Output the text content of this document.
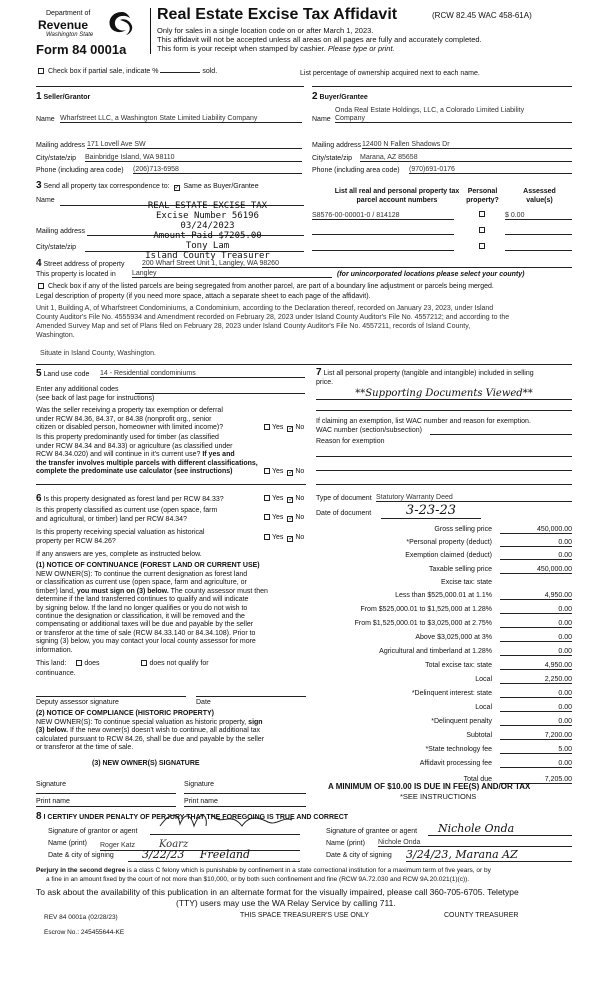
Department of
Revenue
Washington State
Form 84 0001a
Real Estate Excise Tax Affidavit	(RCW 82.45 WAC 458-61A)
Only for sales in a single location code on or after March 1, 2023.
This affidavit will not be accepted unless all areas on all pages are fully and accurately completed.
This form is your receipt when stamped by cashier. Please type or print.
Check box if partial sale, indicate %	sold.	List percentage of ownership acquired next to each name.
1 Seller/Grantor
Name Wharfstreet LLC, a Washington State Limited Liability Company
Mailing address 171 Lovell Ave SW
City/state/zip Bainbridge Island, WA 98110
Phone (including area code) (206)713-6958
2 Buyer/Grantee
Onda Real Estate Holdings, LLC, a Colorado Limited Liability
Name Company
Mailing address 12400 N Fallen Shadows Dr
City/state/zip Marana, AZ 85658
Phone (including area code) (970)691-0176
3 Send all property tax correspondence to: ✓ Same as Buyer/Grantee
Name
Mailing address
City/state/zip
REAL ESTATE EXCISE TAX
Excise Number 56196
03/24/2023
Amount Paid $7205.00
Tony Lam
Island County Treasurer
List all real and personal property tax
parcel account numbers
Personal
property?
Assessed
value(s)
S8576-00-00001-0 / 814128	$ 0.00
4 Street address of property	200 Wharf Street Unit 1, Langley, WA 98260
This property is located in Langley	(for unincorporated locations please select your county)
Check box if any of the listed parcels are being segregated from another parcel, are part of a boundary line adjustment or parcels being merged.
Legal description of property (if you need more space, attach a separate sheet to each page of the affidavit).
Unit 1, Building A, of Wharfstreet Condominiums, a Condominium, according to the Declaration thereof, recorded on January 23, 2023, under Island
County Auditor's File No. 4555934 and Amendment recorded on February 28, 2023 under Island County Auditor's File No. 4557212; and according to the
Amended Survey Map and set of Plans filed on February 28, 2023 under Island County Auditor's File No. 4557211, records of Island County,
Washington.
Situate in Island County, Washington.
5 Land use code 14 - Residential condominiums
Enter any additional codes
(see back of last page for instructions)
Was the seller receiving a property tax exemption or deferral
under RCW 84.36, 84.37, or 84.38 (nonprofit org., senior
citizen or disabled person, homeowner with limited income)?	Yes ✓ No
Is this property predominantly used for timber (as classified
under RCW 84.34 and 84.33) or agriculture (as classified under
RCW 84.34.020) and will continue in it's current use? If yes and
the transfer involves multiple parcels with different classifications,
complete the predominate use calculator (see instructions)	Yes ✓ No
7 List all personal property (tangible and intangible) included in selling
price.
**Supporting Documents Viewed**
If claiming an exemption, list WAC number and reason for exemption.
WAC number (section/subsection)
Reason for exemption
6 Is this property designated as forest land per RCW 84.33?	Yes ✓ No
Is this property classified as current use (open space, farm
and agricultural, or timber) land per RCW 84.34?	Yes ✓ No
Is this property receiving special valuation as historical
property per RCW 84.26?
Yes ✓ No
If any answers are yes, complete as instructed below.
(1) NOTICE OF CONTINUANCE (FOREST LAND OR CURRENT USE)
NEW OWNER(S): To continue the current designation as forest land
or classification as current use (open space, farm and agriculture, or
timber) land, you must sign on (3) below. The county assessor must then
determine if the land transferred continues to qualify and will indicate
by signing below. If the land no longer qualifies or you do not wish to
continue the designation or classification, it will be removed and the
compensating or additional taxes will be due and payable by the seller
or transferor at the time of sale (RCW 84.33.140 or 84.34.108). Prior to
signing (3) below, you may contact your local county assessor for more
information.
This land:	does	does not qualify for
continuance.
Deputy assessor signature	Date
(2) NOTICE OF COMPLIANCE (HISTORIC PROPERTY)
NEW OWNER(S): To continue special valuation as historic property, sign
(3) below. If the new owner(s) doesn't wish to continue, all additional tax
calculated pursuant to RCW 84.26, shall be due and payable by the seller
or transferor at the time of sale.
(3) NEW OWNER(S) SIGNATURE
Signature	Signature
Print name	Print name
Type of document Statutory Warranty Deed
Date of document	3-23-23
Gross selling price	450,000.00
*Personal property (deduct)	0.00
Exemption claimed (deduct)	0.00
Taxable selling price	450,000.00
Excise tax: state
Less than $525,000.01 at 1.1%	4,950.00
From $525,000.01 to $1,525,000 at 1.28%	0.00
From $1,525,000.01 to $3,025,000 at 2.75%	0.00
Above $3,025,000 at 3%	0.00
Agricultural and timberland at 1.28%	0.00
Total excise tax: state	4,950.00
Local	2,250.00
*Delinquent interest: state	0.00
Local	0.00
*Delinquent penalty	0.00
Subtotal	7,200.00
*State technology fee	5.00
Affidavit processing fee	0.00
Total due	7,205.00
A MINIMUM OF $10.00 IS DUE IN FEE(S) AND/OR TAX
*SEE INSTRUCTIONS
8 I CERTIFY UNDER PENALTY OF PERJURY THAT THE FOREGOING IS TRUE AND CORRECT
Signature of grantor or agent
Name (print) Roger Katz Koarz
Date & city of signing	3/22/23 Freeland
Signature of grantee or agent	Nichole Onda
Name (print) Nichole Onda
Date & city of signing 3/24/23, Marana AZ
Perjury in the second degree is a class C felony which is punishable by confinement in a state correctional institution for a maximum term of five years, or by
a fine in an amount fixed by the court of not more than $10,000, or by both such confinement and fine (RCW 9A.72.030 and RCW 9A.20.021(1)(c)).
To ask about the availability of this publication in an alternate format for the visually impaired, please call 360-705-6705. Teletype
(TTY) users may use the WA Relay Service by calling 711.
REV 84 0001a (02/28/23)	THIS SPACE TREASURER'S USE ONLY	COUNTY TREASURER
Escrow No.: 245455644-KE
